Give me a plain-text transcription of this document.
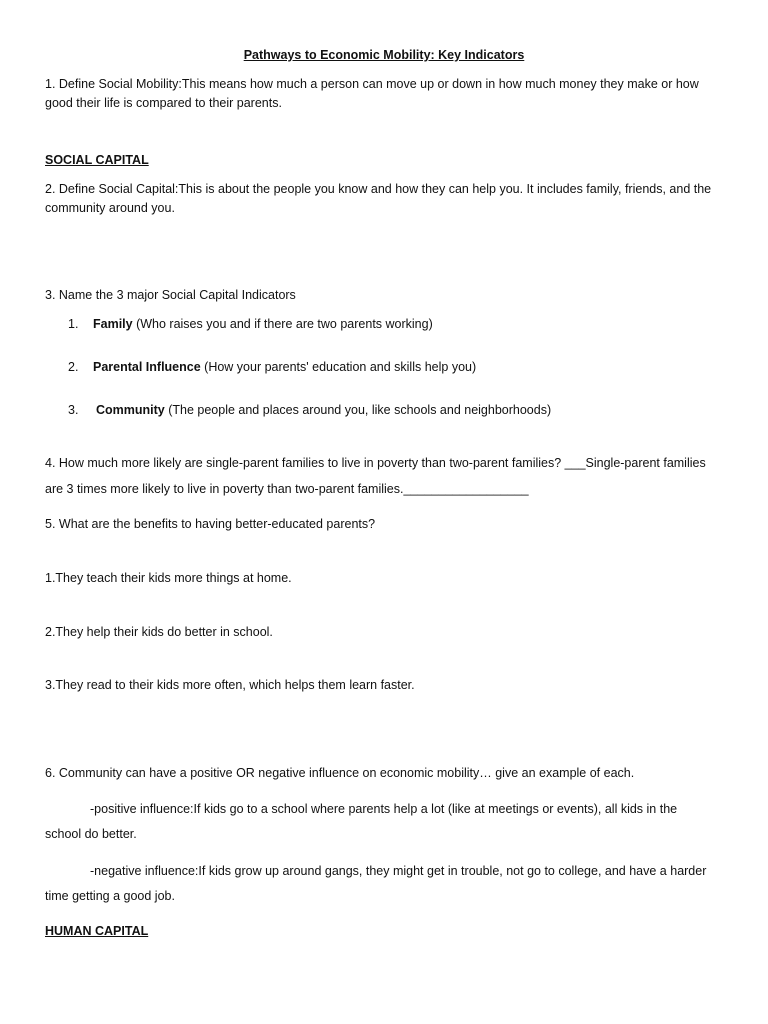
Pathways to Economic Mobility: Key Indicators
1. Define Social Mobility:This means how much a person can move up or down in how much money they make or how
good their life is compared to their parents.
SOCIAL CAPITAL
2. Define Social Capital:This is about the people you know and how they can help you. It includes family, friends, and the
community around you.
3. Name the 3 major Social Capital Indicators
1. Family (Who raises you and if there are two parents working)
2. Parental Influence (How your parents' education and skills help you)
3. Community (The people and places around you, like schools and neighborhoods)
4. How much more likely are single-parent families to live in poverty than two-parent families? ___Single-parent families
are 3 times more likely to live in poverty than two-parent families.__________________
5. What are the benefits to having better-educated parents?
1.They teach their kids more things at home.
2.They help their kids do better in school.
3.They read to their kids more often, which helps them learn faster.
6. Community can have a positive OR negative influence on economic mobility… give an example of each.
-positive influence:If kids go to a school where parents help a lot (like at meetings or events), all kids in the
school do better.
-negative influence:If kids grow up around gangs, they might get in trouble, not go to college, and have a harder
time getting a good job.
HUMAN CAPITAL
